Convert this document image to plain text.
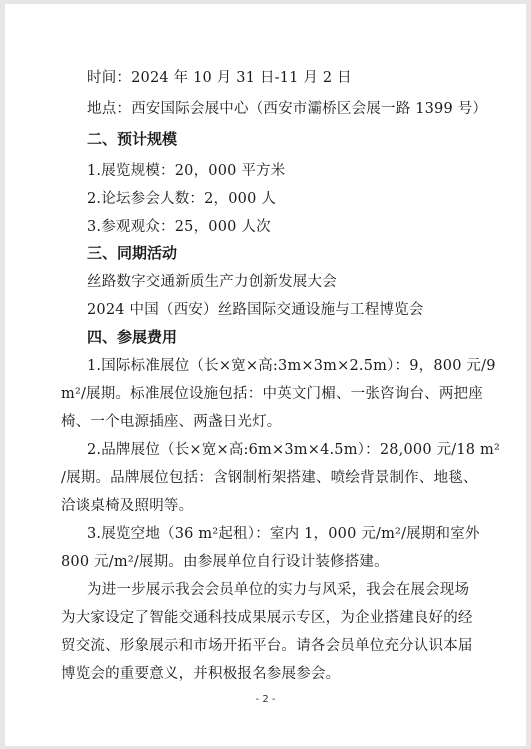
时间：2024 年 10 月 31 日-11 月 2 日
地点：西安国际会展中心（西安市灞桥区会展一路 1399 号）
二、预计规模
1.展览规模：20，000 平方米
2.论坛参会人数：2，000 人
3.参观观众：25，000 人次
三、同期活动
丝路数字交通新质生产力创新发展大会
2024 中国（西安）丝路国际交通设施与工程博览会
四、参展费用
1.国际标准展位（长×宽×高:3m×3m×2.5m）：9，800 元/9
m²/展期。标准展位设施包括：中英文门楣、一张咨询台、两把座
椅、一个电源插座、两盏日光灯。
2.品牌展位（长×宽×高:6m×3m×4.5m）：28,000 元/18 m²
/展期。品牌展位包括：含钢制桁架搭建、喷绘背景制作、地毯、
洽谈桌椅及照明等。
3.展览空地（36 m²起租）：室内 1，000 元/m²/展期和室外
800 元/m²/展期。由参展单位自行设计装修搭建。
为进一步展示我会会员单位的实力与风采，我会在展会现场
为大家设定了智能交通科技成果展示专区，为企业搭建良好的经
贸交流、形象展示和市场开拓平台。请各会员单位充分认识本届
博览会的重要意义，并积极报名参展参会。
- 2 -
